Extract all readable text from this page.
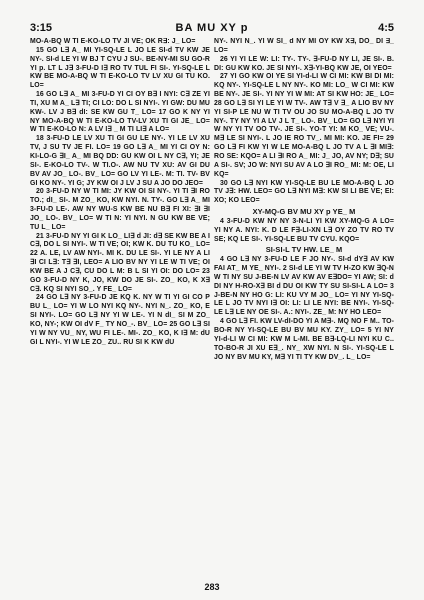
3:15	BA MU XY p	4:5

MO-A-BQ W TI E-KO-LO TV JI VE; OK R∃: J_ LO=

15 GO L∃ A_ MI YI-SQ-LE L JO LE SI-d TV KW JE NY-. SI-d LE YI W BJ T CYU J SU-. BE-NY-MI SU GO-R YI p. LT L J∃ 3-FU-D I∃ RO TV TUL FI SI-. YI-SQ-LE L KW BE MO-A-BQ W TI E-KO-LO TV LV XU GI TU KO. LO=

16 GO L∃ A_ MI 3-FU-D YI CI OY B∃ I NYI: C∃ ZE YI TI, XU M A_ L∃ TI; CI LO: DO L SI NYI-. YI GW: DU MU KW-. LV J B∃ dI: SE KW GU T_ LO= 17 GO K NY YI NY MO-A-BQ W TI E-KO-LO TV-LV XU TI GI JE_ LO= W TI E-KO-LO N: A LV I∃ _ M TI LI∃ A LO=

18 3-FU-D LE LV XU TI GI GU LE NY-. YI LE LV XU TV, J SU TV JE FI. LO= 19 GO L∃ A_ MI YI CI OY N: KI-LO-G ∃I_ A_ MI BQ DD: GU KW OI L NY C∃, YI; JE SI-. E-KO-LO TV-. W TI.O-. AW NU TV XU: AV GI DU BV AV JO_ LO-. BV_ LO= GO LV YI LE-. M: TI. TV- BV GI KO NY-. YI G; JY KW OI J LV J SU A JO DO JEO=

20 3-FU-D NY W TI MI: JY KW OI SI NY-. YI TI ∃I RO TO.; dI_ SI-. M ZO_ KO, KW NYI. N. TY-. GO L∃ A_ MI 3-FU-D LE-. AW NY WU-S KW BE NU B∃ FI XI: ∃I ∃I JO_ LO-. BV_ LO= W TI N: YI NYI. N GU KW BE VE; TU L_ LO=

21 3-FU-D NY YI GI K LO_ LI∃ d JI: d∃ SE KW BE A I C∃, DO L SI NYI-. W TI VE; OI; KW K. DU TU KO_ LO= 22 A. LE, LV AW NYI-. MI K. DU LE SI-. YI LE NY A LI ∃I CI L∃: T∃ ∃I, LEO= A LIO BV NY YI LE W TI VE; OI KW BE A J C∃, CU DO L M: B L SI YI OI: DO LO= 23 GO 3-FU-D NY K, JO, KW DO JE SI-. ZO_ KO, K X∃ C∃. KQ SI NYI SO_. Y FE_ LO=

24 GO L∃ NY 3-FU-D JE KQ K. NY W TI YI GI CO P BU L_ LO= YI W LO NYI KQ NY-. NYI N_. ZO_ KO, E SI NYI-. LO= GO L∃ NY YI W LE-. YI N dI_ SI M ZO_ KO, NY-; KW OI dV F_ TY NO_-. BV_ LO= 25 GO L∃ SI YI W NY VU_ NY, WU FI LE-. MI-. ZO_ KO, K I∃ M: dU GI L NYI-. YI W LE ZO_ ZU.. RU SI K KW dU

NY-. NYI N_. YI W SI_ d NY MI OY KW X∃, DO_ DI ∃_ LO=

26 YI YI LE W: LI: TY-. TY-. ∃-FU-D NY LI, JE SI-. B. DI: GU KW KO. JE SI NYI-. X∃-YI-BQ KW JE, OI YEO=

27 YI GO KW OI YE SI YI-d-LI W CI MI: KW BI DI MI: KQ NY-. YI-SQ-LE L NY NY-. KO MI: LO_ W CI MI: KW BE NY-. JE SI-. YI NY YI W MI: AT SI KW HO: JE_ LO= 28 GO L∃ SI YI LE YI W TV-. AW T∃ V ∃_ A LIO BV NY YI SI-P LE NU W TI TV OU JO SU MO-A-BQ L JO TV NY-. TY NY YI A LV J L T_ LO-. BV_ LO= GO L∃ NYI YI W NY YI TV OO TV-. JE SI-. YO-T YI: M KO_ VE; VU-. M∃ LE SI NYI-. L JO IE RO TV_. MI MI: KO. JE FI= 29 GO L∃ FI KW YI W LE MO-A-BQ L JO TV A L ∃I MI∃: RO SE: KQO= A LI ∃I RO A_ MI: J_ JO, AV NY; D∃; SU A SI-. SV; JO W: NYI SU AV A LO ∃I RO_ MI: M: OE, LI KQ=

30 GO L∃ NYI KW YI-SQ-LE BU LE MO-A-BQ L JO TV J∃: HW. LEO= GO L∃ NYI M∃: KW SI LI BE VE; EI: XO; KO LEO=

XY-MQ-G BV MU XY p YE_ M

4 3-FU-D KW NY NY 3-N-LI YI KW XY-MQ-G A LO= YI NY A. NYI: K. D LE F∃-LI-XN L∃ OY ZO TV RO TV SE; KQ LE SI-. YI-SQ-LE BU TV CYU. KQO=

SI-SI-L TV HW. LE_ M

4 GO L∃ NY 3-FU-D LE F JO NY-. SI-d dY∃ AV KW FAI AT_ M YE_ NYI-. 2 SI-d LE YI W TV H-ZO KW ∃Q-N W TI NY SU J-BE-N LV AV KW AV E∃DO= YI AW; SI: d DI NY H-RO-X∃ BI d DU OI KW TY SU SI-SI-L A LO= 3 J-BE-N NY HO G: LI: KU VY M JO_ LO= YI NY YI-SQ-LE L JO TV NYI I∃ OI: LI: LI LE NYI: BE NYI-. YI-SQ-LE L∃ LE NY OE SI-. A.: NYI-. ZE_ M: NY HO LEO=

4 GO L∃ FI. KW LV-dI-DO YI A M∃-. MQ NO F M.. TO-BO-R NY YI-SQ-LE BU BV MU KY. ZY_ LO= 5 YI NY YI-d-LI W CI MI: KW M L-MI. BE B∃-LQ-LI NYI KU C.. TO-BO-R JI XU E∃_. NY_ XW NYI. N SI-. YI-SQ-LE L JO NY BV MU KY, M∃ YI TI TY KW DV_. L_ LO=

283
